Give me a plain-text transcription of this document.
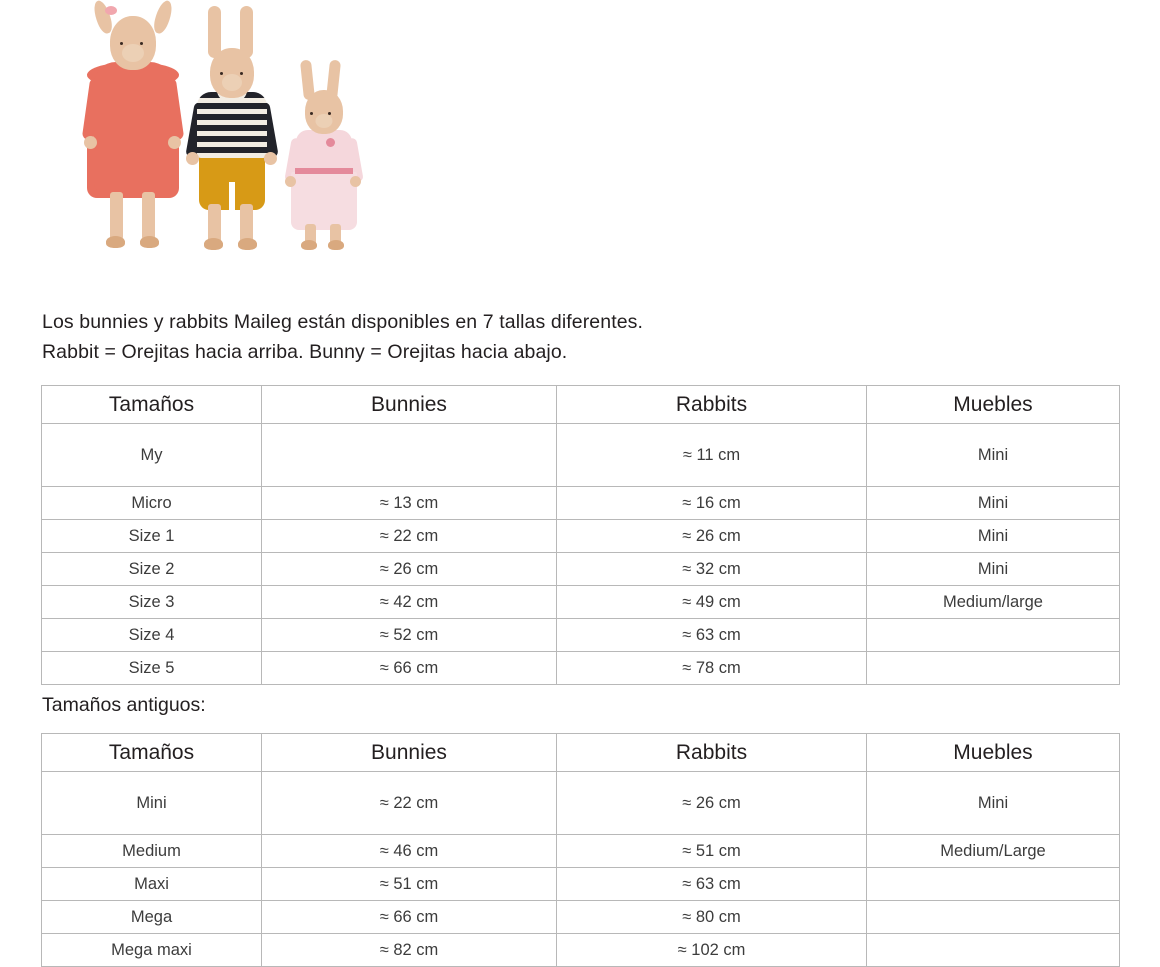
Los bunnies y rabbits Maileg están disponibles en 7 tallas diferentes.
Rabbit = Orejitas hacia arriba. Bunny = Orejitas hacia abajo.
Tamaños	Bunnies	Rabbits	Muebles
My		≈ 11 cm	Mini
Micro	≈ 13 cm	≈ 16 cm	Mini
Size 1	≈ 22 cm	≈ 26 cm	Mini
Size 2	≈ 26 cm	≈ 32 cm	Mini
Size 3	≈ 42 cm	≈ 49 cm	Medium/large
Size 4	≈ 52 cm	≈ 63 cm	
Size 5	≈ 66 cm	≈ 78 cm	
Tamaños antiguos:
Tamaños	Bunnies	Rabbits	Muebles
Mini	≈ 22 cm	≈ 26 cm	Mini
Medium	≈ 46 cm	≈ 51 cm	Medium/Large
Maxi	≈ 51 cm	≈ 63 cm	
Mega	≈ 66 cm	≈ 80 cm	
Mega maxi	≈ 82 cm	≈ 102 cm	
